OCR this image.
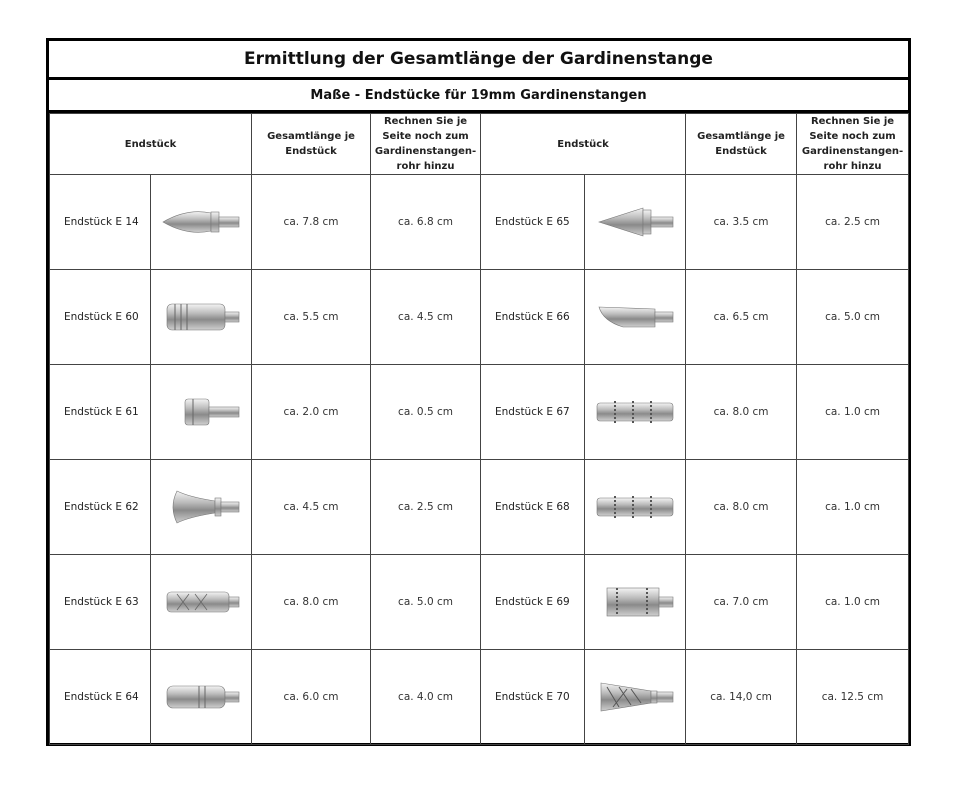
Ermittlung der Gesamtlänge der Gardinenstange
Maße - Endstücke für 19mm Gardinenstangen
Endstück		Gesamtlänge je Endstück	Rechnen Sie je Seite noch zum Gardinenstangen-rohr hinzu	Endstück		Gesamtlänge je Endstück	Rechnen Sie je Seite noch zum Gardinenstangen-rohr hinzu
Endstück E 14		ca. 7.8 cm	ca. 6.8 cm	Endstück E 65		ca. 3.5 cm	ca. 2.5 cm
Endstück E 60		ca. 5.5 cm	ca. 4.5 cm	Endstück E 66		ca. 6.5 cm	ca. 5.0 cm
Endstück E 61		ca. 2.0 cm	ca. 0.5 cm	Endstück E 67		ca. 8.0 cm	ca. 1.0 cm
Endstück E 62		ca. 4.5 cm	ca. 2.5 cm	Endstück E 68		ca. 8.0 cm	ca. 1.0 cm
Endstück E 63		ca. 8.0 cm	ca. 5.0 cm	Endstück E 69		ca. 7.0 cm	ca. 1.0 cm
Endstück E 64		ca. 6.0 cm	ca. 4.0 cm	Endstück E 70		ca. 14,0 cm	ca. 12.5 cm
